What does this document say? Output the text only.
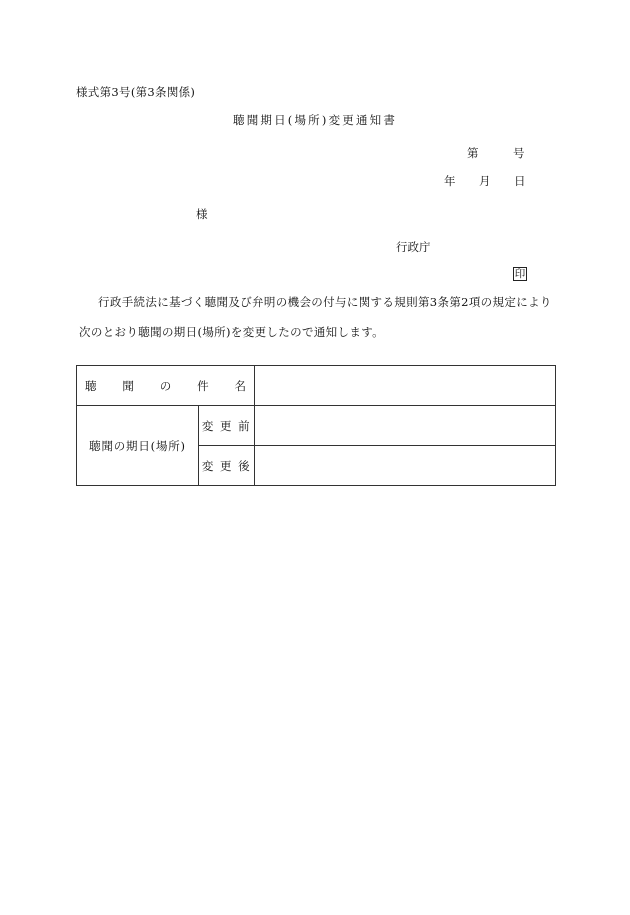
様式第3号(第3条関係)
聴聞期日(場所)変更通知書
第	号
年 月 日
様
行政庁
印
行政手続法に基づく聴聞及び弁明の機会の付与に関する規則第3条第2項の規定により
次のとおり聴聞の期日(場所)を変更したので通知します。
聴 聞 の 件 名		

聴聞の期日(場所)	変 更 前	
	変 更 後	
